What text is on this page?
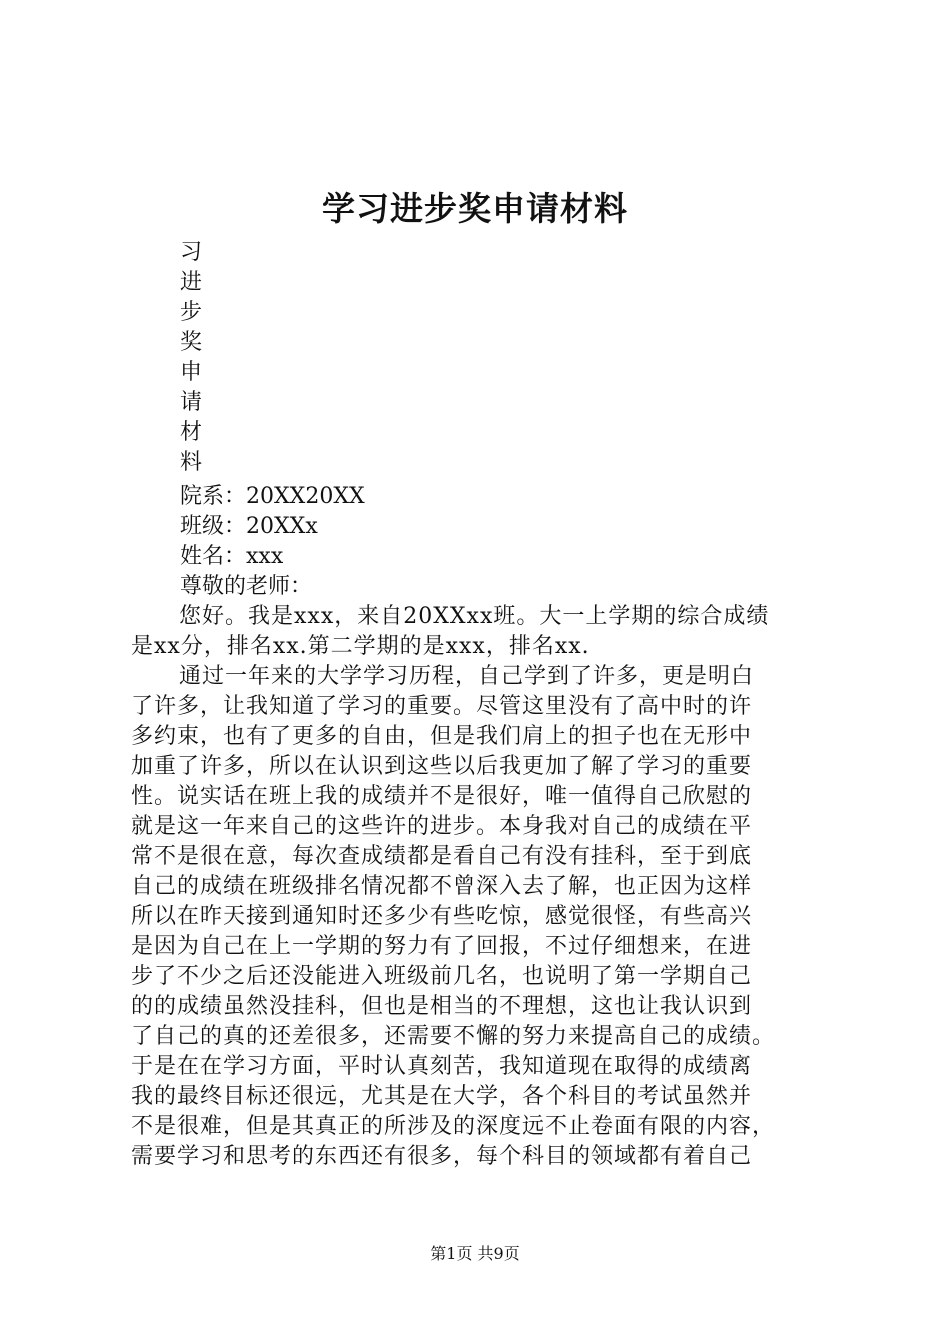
学习进步奖申请材料
习
进
步
奖
申
请
材
料
院系：20XX20XX
班级：20XXx
姓名：xxx
尊敬的老师：
您好。我是xxx，来自20XXxx班。大一上学期的综合成绩
是xx分，排名xx.第二学期的是xxx，排名xx.
通过一年来的大学学习历程，自己学到了许多，更是明白
了许多，让我知道了学习的重要。尽管这里没有了高中时的许
多约束，也有了更多的自由，但是我们肩上的担子也在无形中
加重了许多，所以在认识到这些以后我更加了解了学习的重要
性。说实话在班上我的成绩并不是很好，唯一值得自己欣慰的
就是这一年来自己的这些许的进步。本身我对自己的成绩在平
常不是很在意，每次查成绩都是看自己有没有挂科，至于到底
自己的成绩在班级排名情况都不曾深入去了解，也正因为这样
所以在昨天接到通知时还多少有些吃惊，感觉很怪，有些高兴
是因为自己在上一学期的努力有了回报，不过仔细想来，在进
步了不少之后还没能进入班级前几名，也说明了第一学期自己
的的成绩虽然没挂科，但也是相当的不理想，这也让我认识到
了自己的真的还差很多，还需要不懈的努力来提高自己的成绩。
于是在在学习方面，平时认真刻苦，我知道现在取得的成绩离
我的最终目标还很远，尤其是在大学，各个科目的考试虽然并
不是很难，但是其真正的所涉及的深度远不止卷面有限的内容，
需要学习和思考的东西还有很多，每个科目的领域都有着自己
第1页 共9页
